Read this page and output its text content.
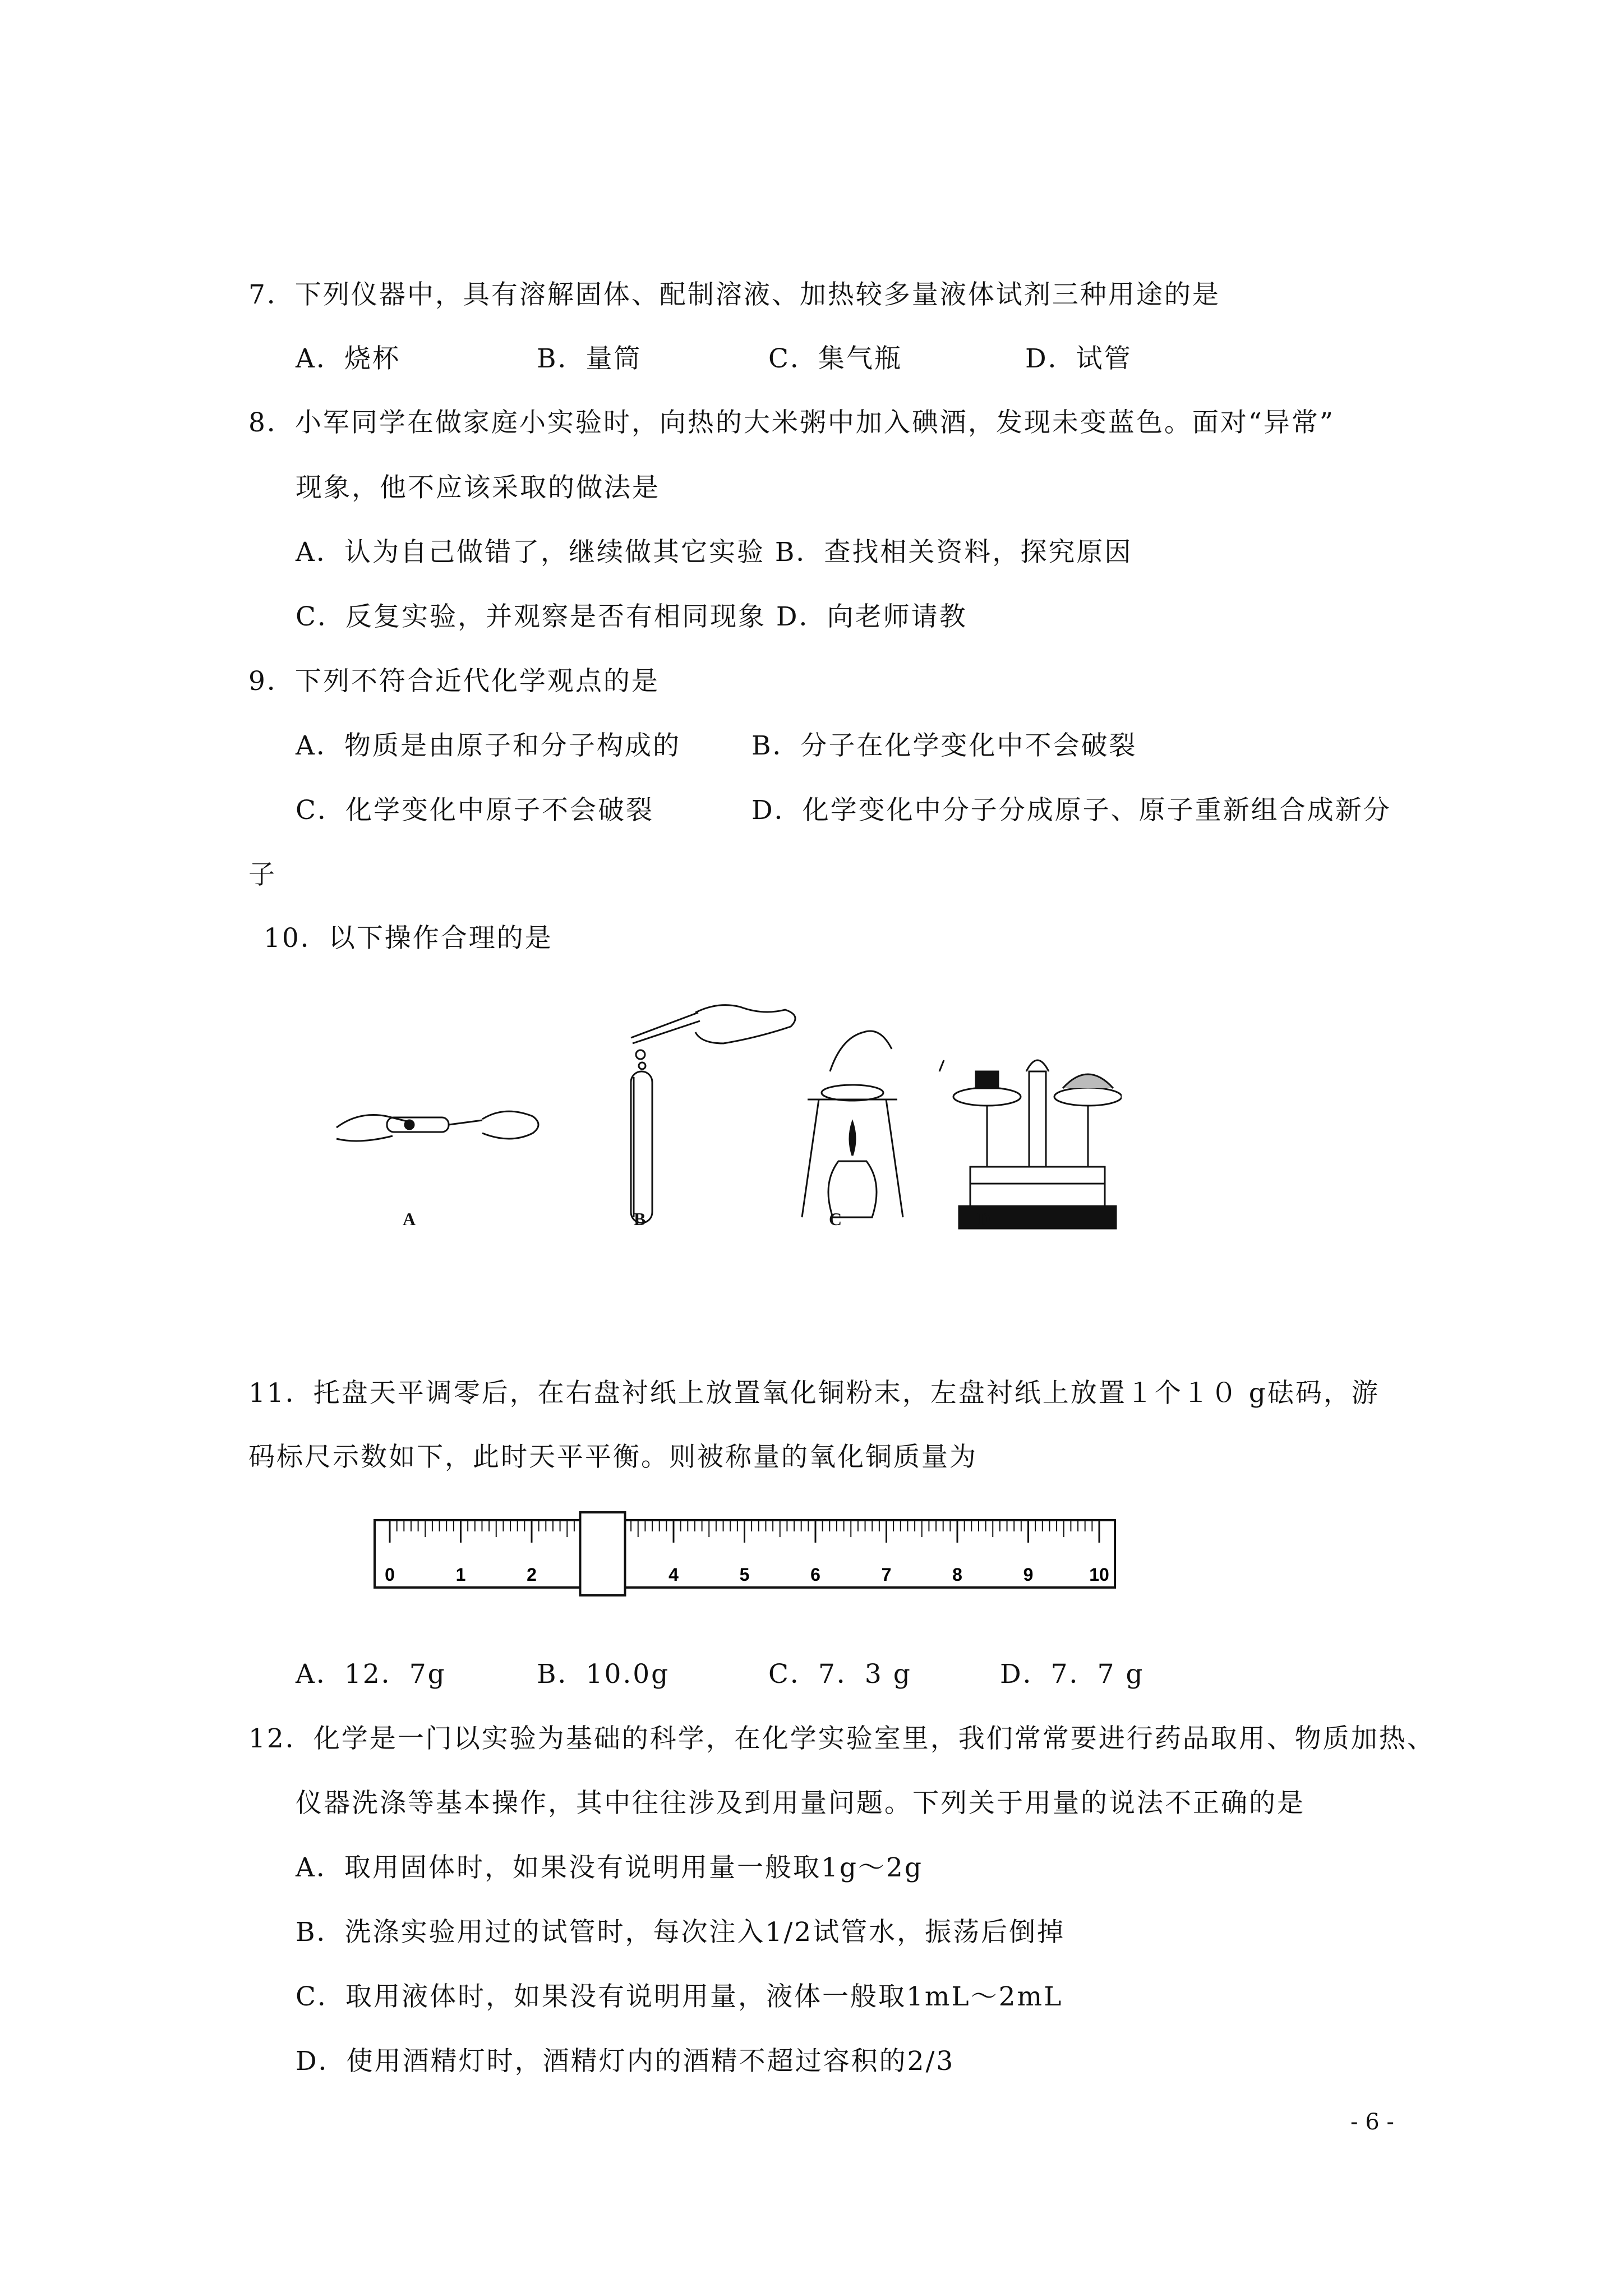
7．下列仪器中，具有溶解固体、配制溶液、加热较多量液体试剂三种用途的是
A．烧杯	B．量筒	C．集气瓶	D．试管
8．小军同学在做家庭小实验时，向热的大米粥中加入碘酒，发现未变蓝色。面对“异常”
现象，他不应该采取的做法是
A．认为自己做错了，继续做其它实验 B．查找相关资料，探究原因
C．反复实验，并观察是否有相同现象 D．向老师请教
9．下列不符合近代化学观点的是
A．物质是由原子和分子构成的	B．分子在化学变化中不会破裂
C．化学变化中原子不会破裂	D．化学变化中分子分成原子、原子重新组合成新分
子
10．以下操作合理的是
A	B	C	D
11．托盘天平调零后，在右盘衬纸上放置氧化铜粉末，左盘衬纸上放置１个１０ g砝码，游
码标尺示数如下，此时天平平衡。则被称量的氧化铜质量为
0	1	2	4	5	6	7	8	9	10
A．12．7g	B．10.0g	C．7．3 g	D．7．7 g
12．化学是一门以实验为基础的科学，在化学实验室里，我们常常要进行药品取用、物质加热、
仪器洗涤等基本操作，其中往往涉及到用量问题。下列关于用量的说法不正确的是
A．取用固体时，如果没有说明用量一般取1g～2g
B．洗涤实验用过的试管时，每次注入1/2试管水，振荡后倒掉
C．取用液体时，如果没有说明用量，液体一般取1mL～2mL
D．使用酒精灯时，酒精灯内的酒精不超过容积的2/3
- 6 -
